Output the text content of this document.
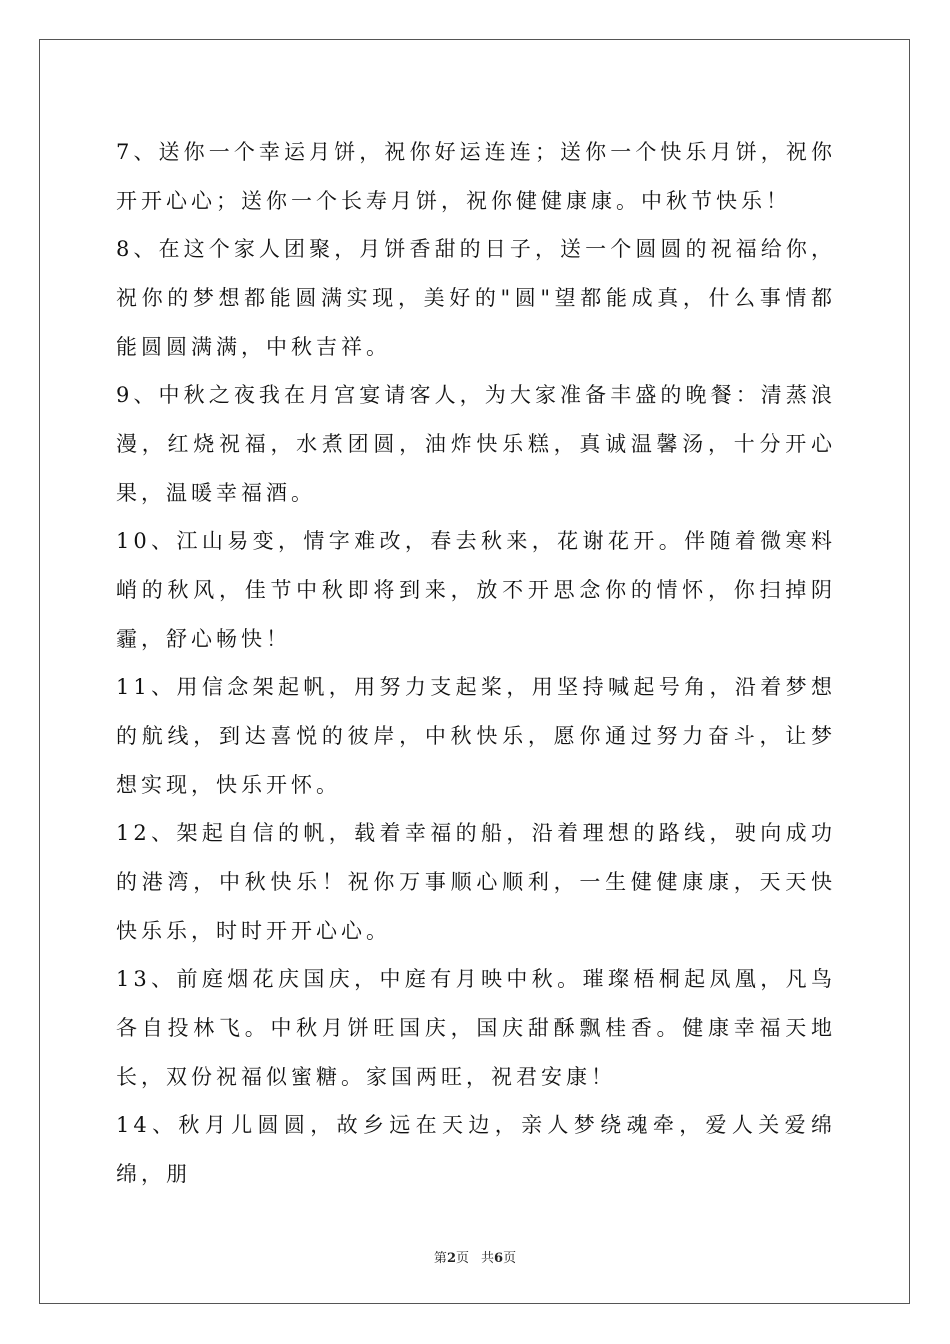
7、送你一个幸运月饼，祝你好运连连；送你一个快乐月饼，祝你开开心心；送你一个长寿月饼，祝你健健康康。中秋节快乐！

8、在这个家人团聚，月饼香甜的日子，送一个圆圆的祝福给你，祝你的梦想都能圆满实现，美好的"圆"望都能成真，什么事情都能圆圆满满，中秋吉祥。

9、中秋之夜我在月宫宴请客人，为大家准备丰盛的晚餐：清蒸浪漫，红烧祝福，水煮团圆，油炸快乐糕，真诚温馨汤，十分开心果，温暖幸福酒。

10、江山易变，情字难改，春去秋来，花谢花开。伴随着微寒料峭的秋风，佳节中秋即将到来，放不开思念你的情怀，你扫掉阴霾，舒心畅快！

11、用信念架起帆，用努力支起桨，用坚持喊起号角，沿着梦想的航线，到达喜悦的彼岸，中秋快乐，愿你通过努力奋斗，让梦想实现，快乐开怀。

12、架起自信的帆，载着幸福的船，沿着理想的路线，驶向成功的港湾，中秋快乐！祝你万事顺心顺利，一生健健康康，天天快快乐乐，时时开开心心。

13、前庭烟花庆国庆，中庭有月映中秋。璀璨梧桐起凤凰，凡鸟各自投林飞。中秋月饼旺国庆，国庆甜酥飘桂香。健康幸福天地长，双份祝福似蜜糖。家国两旺，祝君安康！

14、秋月儿圆圆，故乡远在天边，亲人梦绕魂牵，爱人关爱绵绵，朋

第2页 共6页
